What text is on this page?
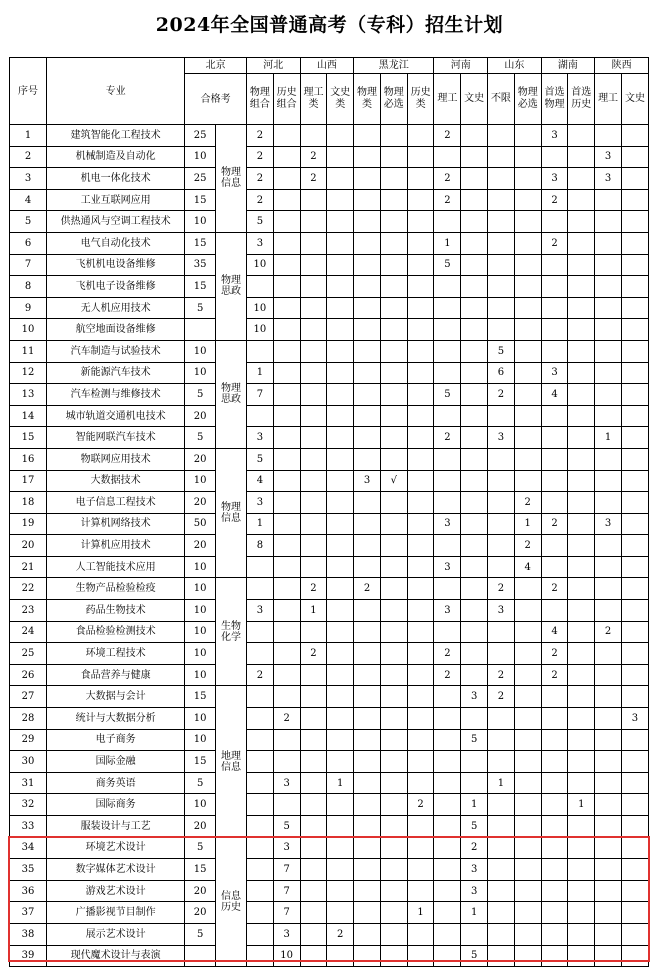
2024年全国普通高考（专科）招生计划
序号	专业	北京		河北		山西		黑龙江			河南		山东		湖南		陕西	
		合格考		物理组合	历史组合	理工类	文史类	物理类	物理必选	历史类	理工	文史	不限	物理必选	首选物理	首选历史	理工	文史
1	建筑智能化工程技术	25	物理信息	2							2				3			
2	机械制造及自动化	10		2		2											3	
3	机电一体化技术	25		2		2					2				3		3	
4	工业互联网应用	15		2							2				2			
5	供热通风与空调工程技术	10		5														
6	电气自动化技术	15	物理思政	3							1				2			
7	飞机机电设备维修	35		10							5							
8	飞机电子设备维修	15																
9	无人机应用技术	5		10														
10	航空地面设备维修			10														
11	汽车制造与试验技术	10	物理思政										5					
12	新能源汽车技术	10		1									6		3			
13	汽车检测与维修技术	5		7							5		2		4			
14	城市轨道交通机电技术	20																
15	智能网联汽车技术	5		3							2		3				1	
16	物联网应用技术	20	物理信息	5														
17	大数据技术	10		4				3	√									
18	电子信息工程技术	20		3										2				
19	计算机网络技术	50		1							3			1	2		3	
20	计算机应用技术	20		8										2				
21	人工智能技术应用	10									3			4				
22	生物产品检验检疫	10	生物化学			2		2					2		2			
23	药品生物技术	10		3		1					3		3					
24	食品检验检测技术	10													4		2	
25	环境工程技术	10				2					2				2			
26	食品营养与健康	10		2							2		2		2			
27	大数据与会计	15	地理信息									3	2					
28	统计与大数据分析	10			2													3
29	电子商务	10										5						
30	国际金融	15																
31	商务英语	5			3		1						1					
32	国际商务	10								2		1				1		
33	服装设计与工艺	20			5							5						
34	环境艺术设计	5	信息历史		3							2						
35	数字媒体艺术设计	15			7							3						
36	游戏艺术设计	20			7							3						
37	广播影视节目制作	20			7					1		1						
38	展示艺术设计	5			3		2											
39	现代魔术设计与表演				10							5						
